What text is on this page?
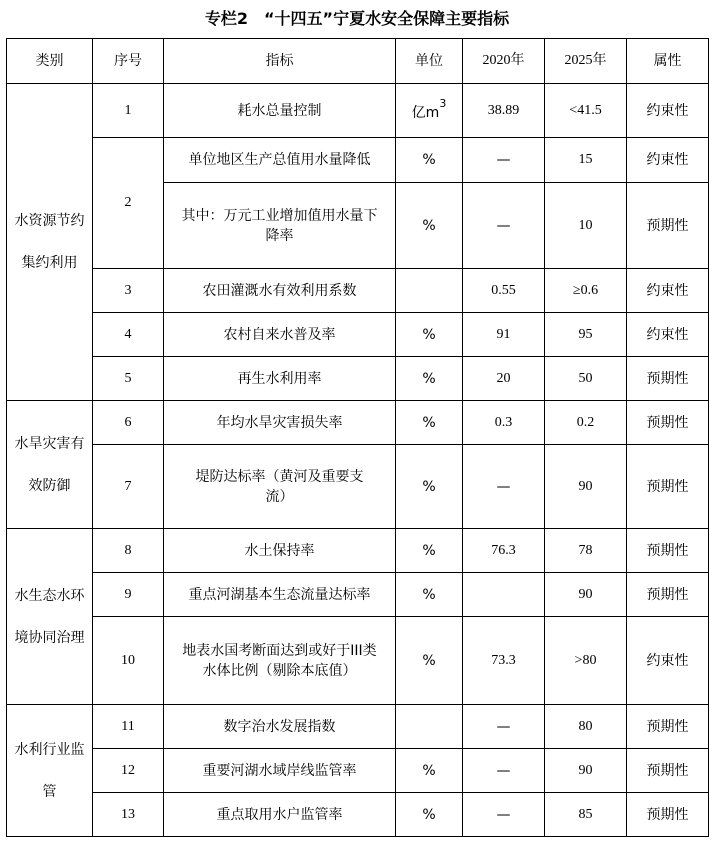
专栏2　“十四五”宁夏水安全保障主要指标
类别	序号	指标	单位	2020年	2025年	属性
水资源节约集约利用	1	耗水总量控制	亿$m^3$	38.89	<41.5	约束性
	2	单位地区生产总值用水量降低	%	—	15	约束性
		其中：万元工业增加值用水量下降率	%	—	10	预期性
	3	农田灌溉水有效利用系数		0.55	≥0.6	约束性
	4	农村自来水普及率	%	91	95	约束性
	5	再生水利用率	%	20	50	预期性
水旱灾害有效防御	6	年均水旱灾害损失率	%	0.3	0.2	预期性
	7	堤防达标率（黄河及重要支流）	%	—	90	预期性
水生态水环境协同治理	8	水土保持率	%	76.3	78	预期性
	9	重点河湖基本生态流量达标率	%		90	预期性
	10	地表水国考断面达到或好于III类水体比例（剔除本底值）	%	73.3	>80	约束性
水利行业监管	11	数字治水发展指数		—	80	预期性
	12	重要河湖水域岸线监管率	%	—	90	预期性
	13	重点取用水户监管率	%	—	85	预期性
